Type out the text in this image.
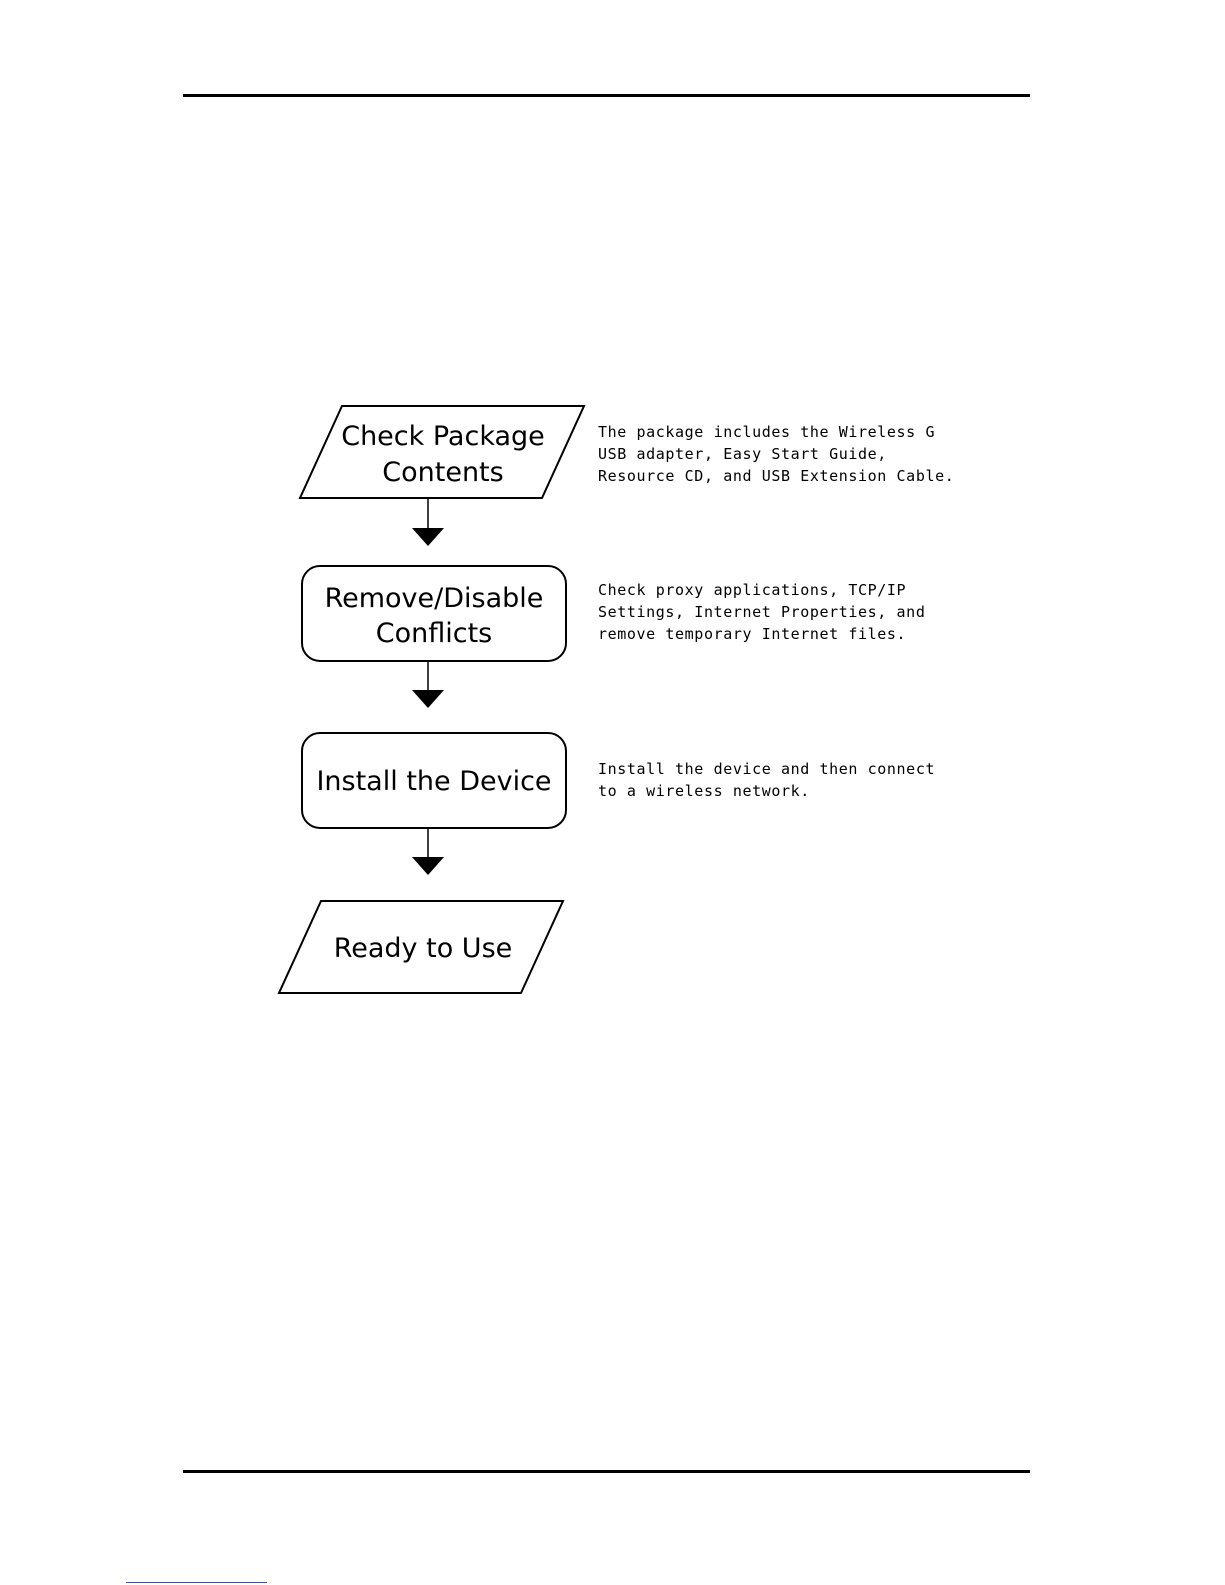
Check Package
Contents
Remove/Disable
Conflicts
Install the Device
Ready to Use
The package includes the Wireless G
USB adapter, Easy Start Guide,
Resource CD, and USB Extension Cable.
Check proxy applications, TCP/IP
Settings, Internet Properties, and
remove temporary Internet files.
Install the device and then connect
to a wireless network.
